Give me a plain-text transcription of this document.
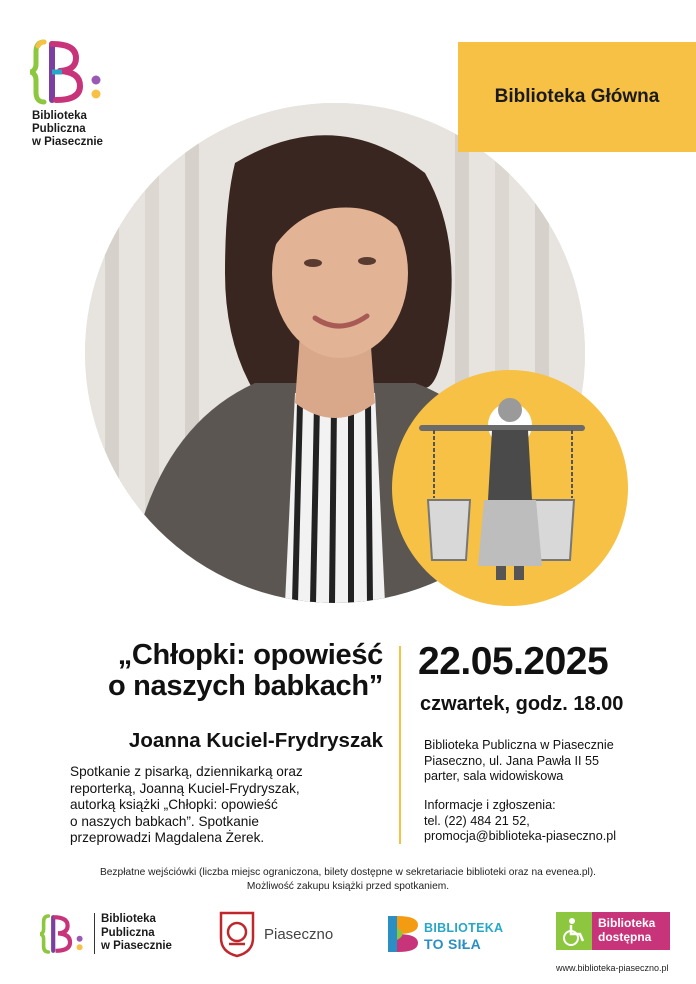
Biblioteka
Publiczna
w Piasecznie
Biblioteka Główna
„Chłopki: opowieść
o naszych babkach”
Joanna Kuciel-Frydryszak
Spotkanie z pisarką, dziennikarką oraz
reporterką, Joanną Kuciel-Frydryszak,
autorką książki „Chłopki: opowieść
o naszych babkach”. Spotkanie
przeprowadzi Magdalena Żerek.
22.05.2025
czwartek, godz. 18.00
Biblioteka Publiczna w Piasecznie
Piaseczno, ul. Jana Pawła II 55
parter, sala widowiskowa
Informacje i zgłoszenia:
tel. (22) 484 21 52,
promocja@biblioteka-piaseczno.pl
Bezpłatne wejściówki (liczba miejsc ograniczona, bilety dostępne w sekretariacie biblioteki oraz na evenea.pl).
Możliwość zakupu książki przed spotkaniem.
Biblioteka
Publiczna
w Piasecznie
Piaseczno	BIBLIOTEKA
TO SIŁA
Biblioteka
dostępna
www.biblioteka-piaseczno.pl
